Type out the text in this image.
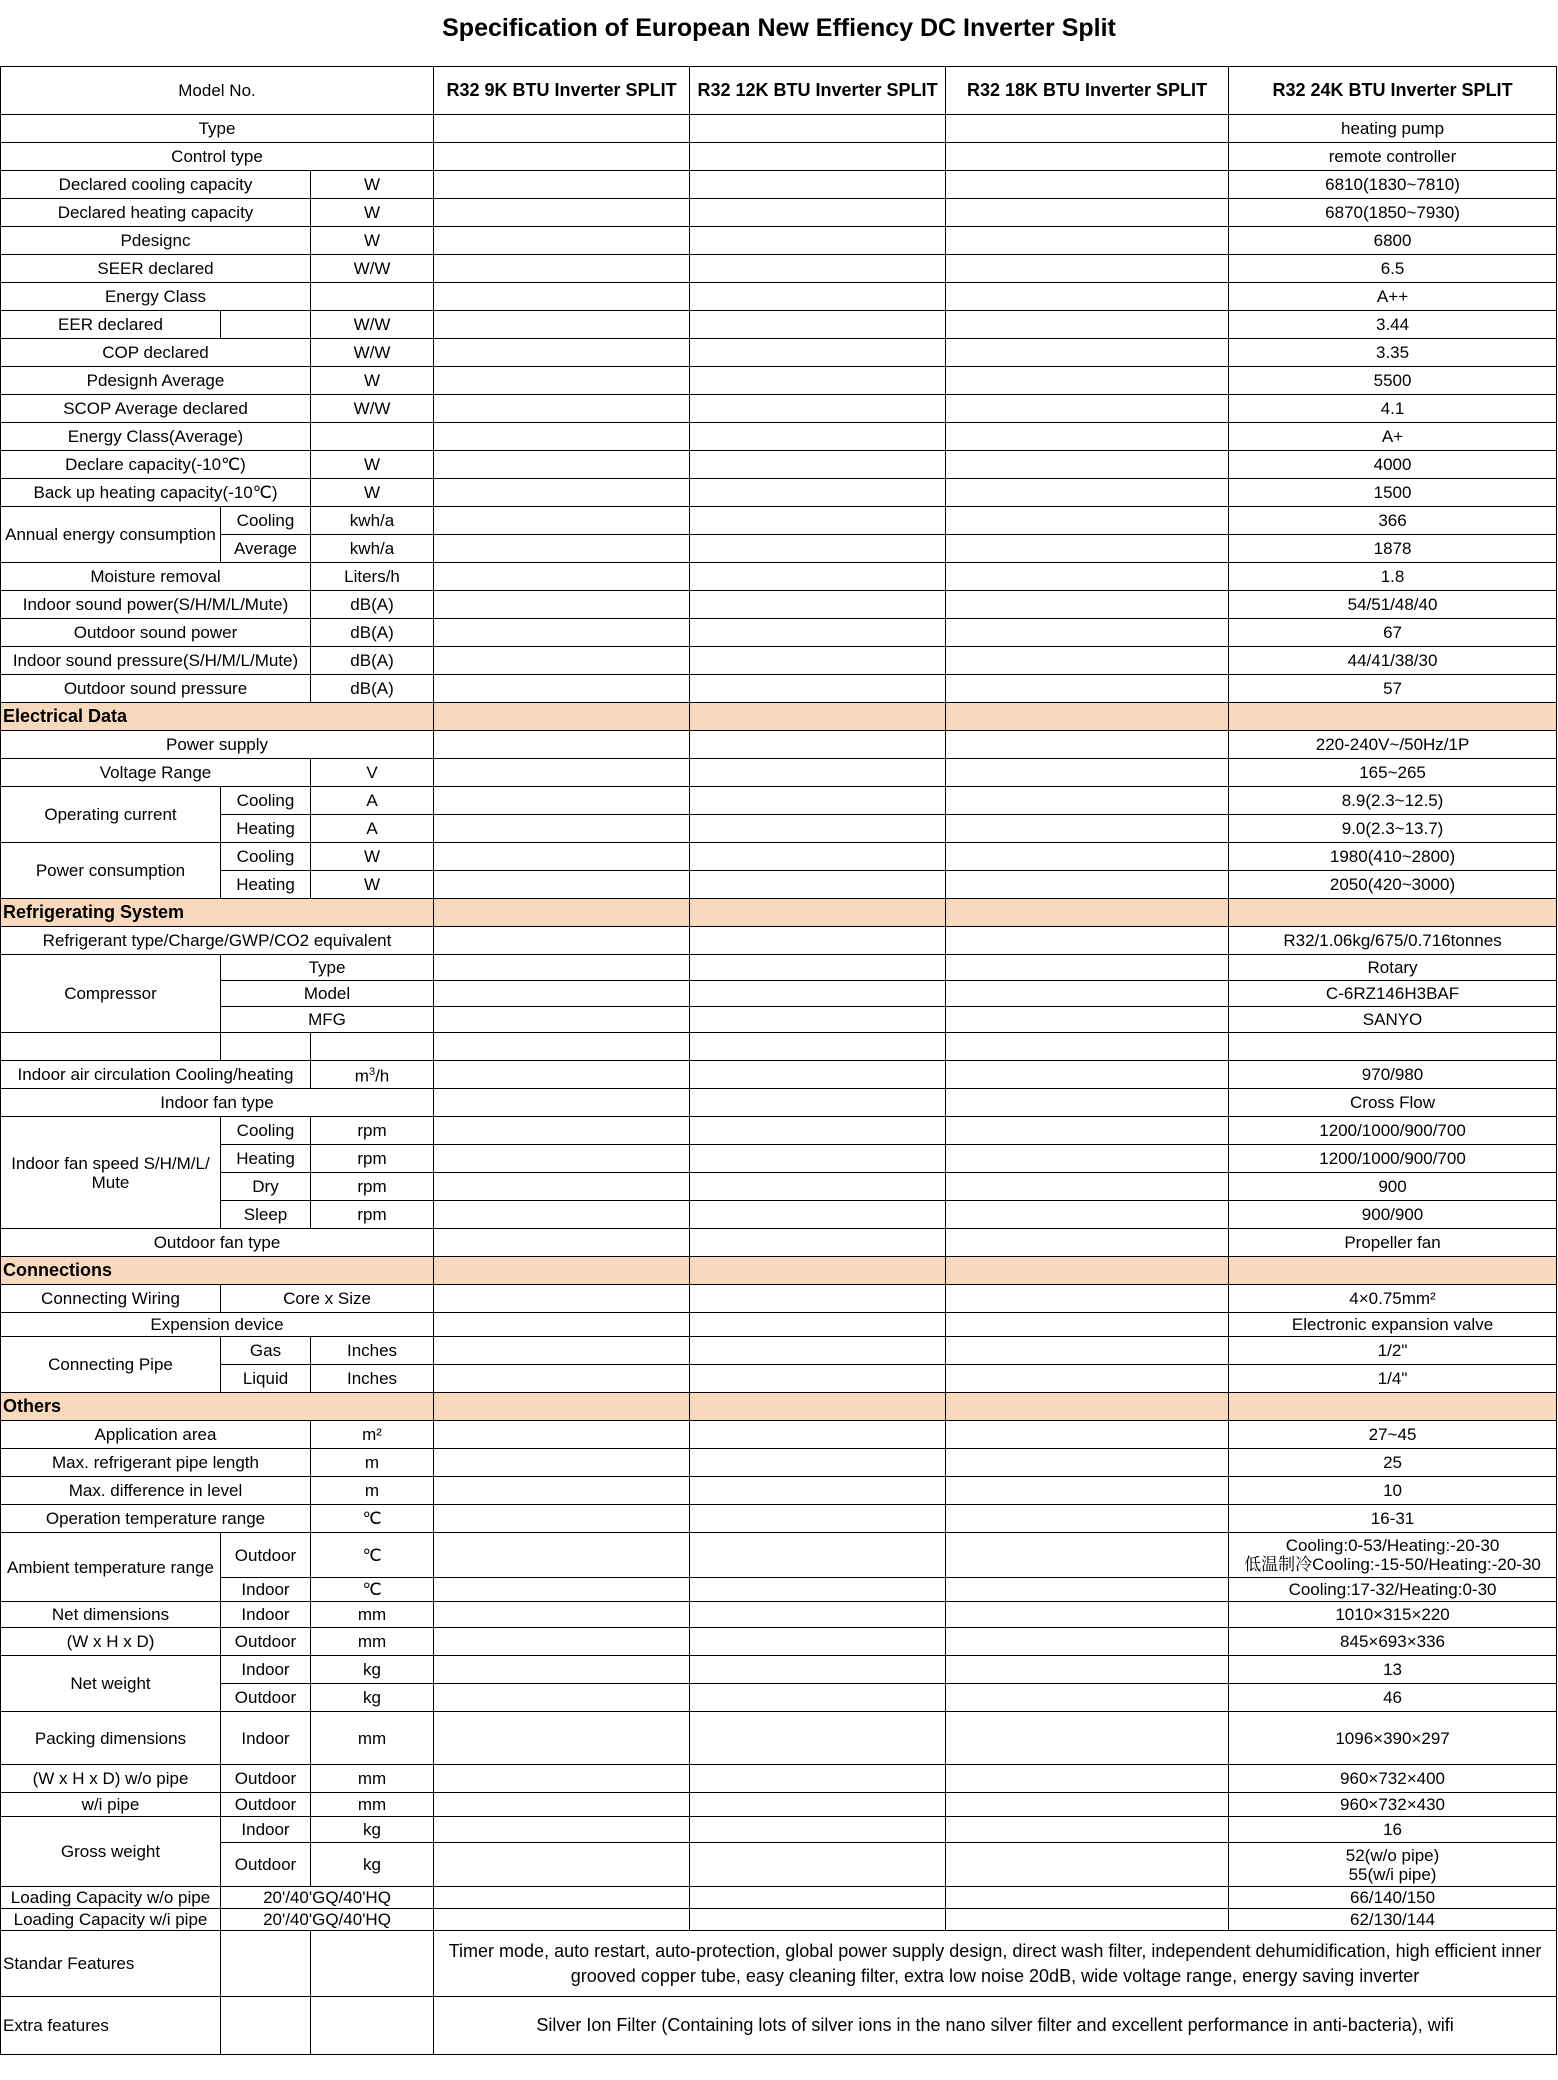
Specification of European New Effiency DC Inverter Split
Model No.			R32 9K BTU Inverter SPLIT	R32 12K BTU Inverter SPLIT	R32 18K BTU Inverter SPLIT	R32 24K BTU Inverter SPLIT
Type						heating pump
Control type						remote controller
Declared cooling capacity		W				6810(1830~7810)
Declared heating capacity		W				6870(1850~7930)
Pdesignc		W				6800
SEER declared		W/W				6.5
Energy Class						A++
EER declared		W/W				3.44
COP declared		W/W				3.35
Pdesignh Average		W				5500
SCOP Average declared		W/W				4.1
Energy Class(Average)						A+
Declare capacity(-10℃)		W				4000
Back up heating capacity(-10℃)		W				1500
Annual energy consumption	Cooling	kwh/a				366
	Average	kwh/a				1878
Moisture removal		Liters/h				1.8
Indoor sound power(S/H/M/L/Mute)		dB(A)				54/51/48/40
Outdoor sound power		dB(A)				67
Indoor sound pressure(S/H/M/L/Mute)		dB(A)				44/41/38/30
Outdoor sound pressure		dB(A)				57
Electrical Data						
Power supply						220-240V~/50Hz/1P
Voltage Range		V				165~265
Operating current	Cooling	A				8.9(2.3~12.5)
	Heating	A				9.0(2.3~13.7)
Power consumption	Cooling	W				1980(410~2800)
	Heating	W				2050(420~3000)
Refrigerating System						
Refrigerant type/Charge/GWP/CO2 equivalent						R32/1.06kg/675/0.716tonnes
Compressor	Type					Rotary
	Model					C-6RZ146H3BAF
	MFG					SANYO

Indoor air circulation Cooling/heating		$m^3/h$				970/980
Indoor fan type						Cross Flow
Indoor fan speed S/H/M/L/ Mute	Cooling	rpm				1200/1000/900/700
	Heating	rpm				1200/1000/900/700
	Dry	rpm				900
	Sleep	rpm				900/900
Outdoor fan type						Propeller fan
Connections						
Connecting Wiring	Core x Size					4×0.75mm²
Expension device						Electronic expansion valve
Connecting Pipe	Gas	Inches				1/2"
	Liquid	Inches				1/4"
Others						
Application area		m²				27~45
Max. refrigerant pipe length		m				25
Max. difference in level		m				10
Operation temperature range		℃				16-31
Ambient temperature range	Outdoor	℃				Cooling:0-53/Heating:-20-30
低温制冷Cooling:-15-50/Heating:-20-30

	Indoor	℃				Cooling:17-32/Heating:0-30
Net dimensions	Indoor	mm				1010×315×220
(W x H x D)	Outdoor	mm				845×693×336
Net weight	Indoor	kg				13
	Outdoor	kg				46
Packing dimensions	Indoor	mm				1096×390×297
(W x H x D) w/o pipe	Outdoor	mm				960×732×400
w/i pipe	Outdoor	mm				960×732×430
Gross weight	Indoor	kg				16
	Outdoor	kg				52(w/o pipe)
55(w/i pipe)

Loading Capacity w/o pipe	20'/40'GQ/40'HQ					66/140/150
Loading Capacity w/i pipe	20'/40'GQ/40'HQ					62/130/144
Standar Features			Timer mode, auto restart, auto-protection, global power supply design, direct wash filter, independent dehumidification, high efficient inner grooved copper tube, easy cleaning filter, extra low noise 20dB, wide voltage range, energy saving inverter			
Extra features			Silver Ion Filter (Containing lots of silver ions in the nano silver filter and excellent performance in anti-bacteria), wifi			
